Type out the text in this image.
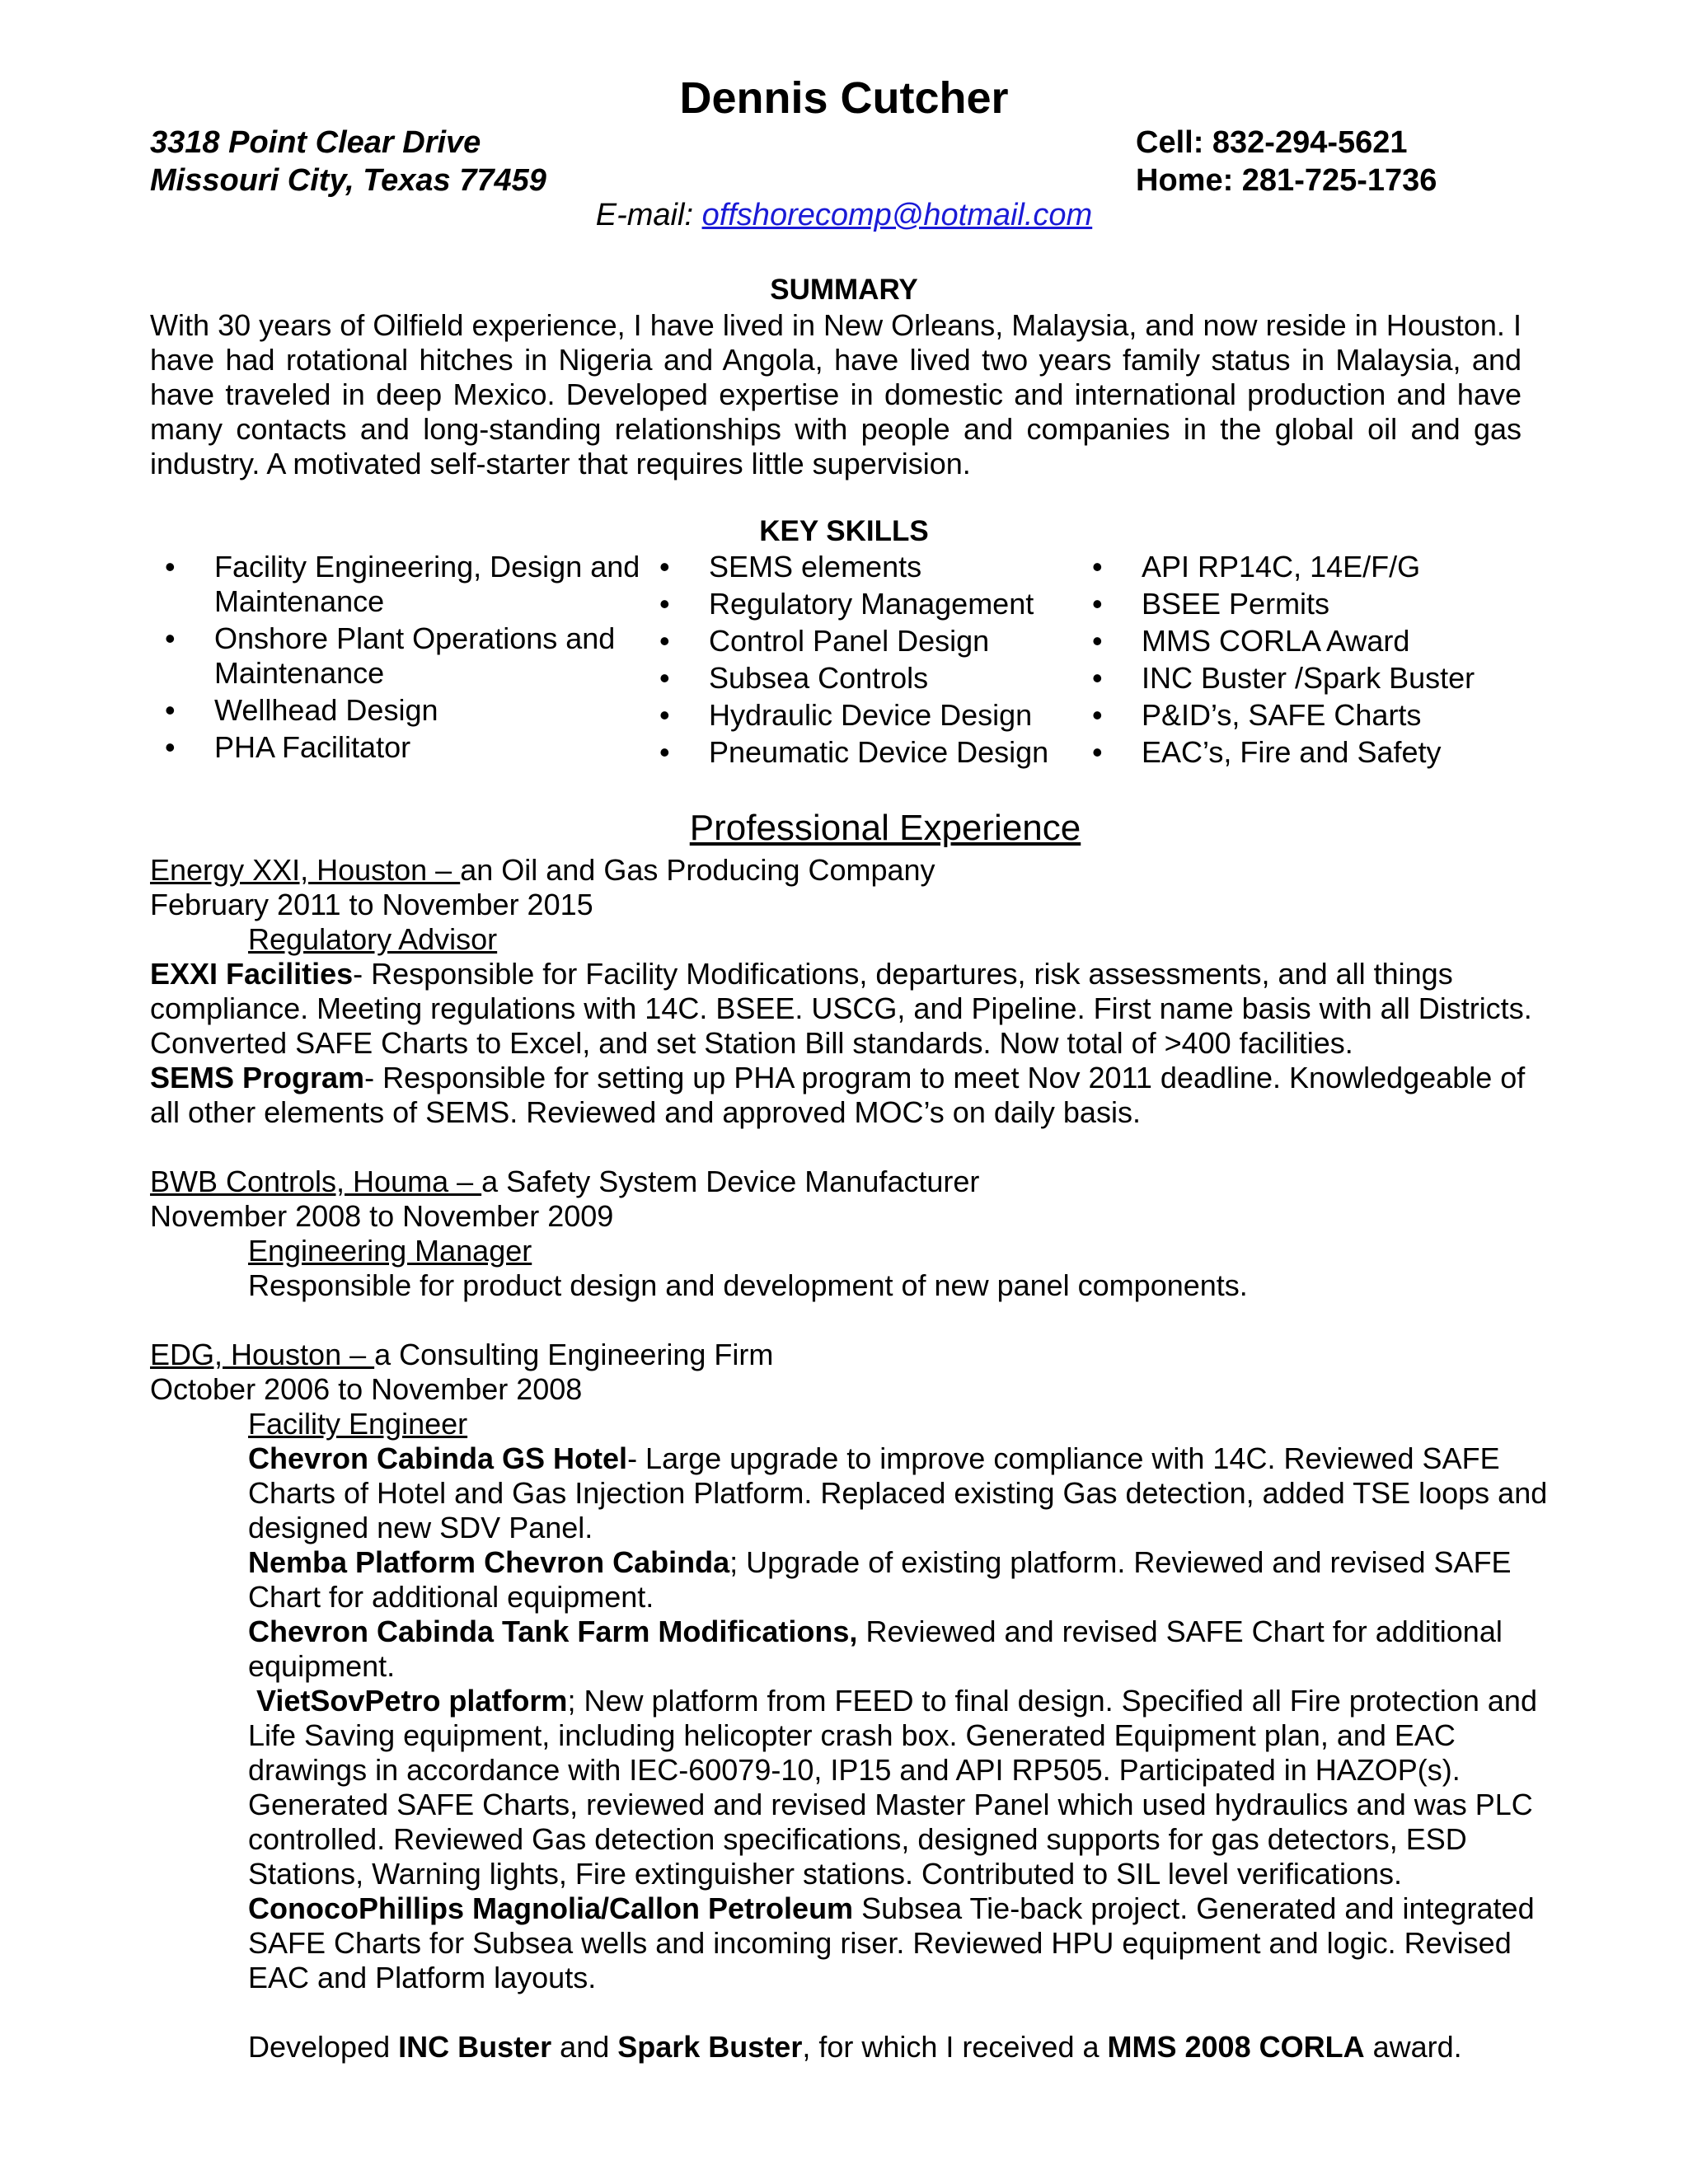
Dennis Cutcher
3318 Point Clear Drive
Missouri City, Texas 77459
Cell: 832-294-5621
Home: 281-725-1736
E-mail: offshorecomp@hotmail.com
SUMMARY
With 30 years of Oilfield experience, I have lived in New Orleans, Malaysia, and now reside in Houston. I have had rotational hitches in Nigeria and Angola, have lived two years family status in Malaysia, and have traveled in deep Mexico. Developed expertise in domestic and international production and have many contacts and long-standing relationships with people and companies in the global oil and gas industry. A motivated self-starter that requires little supervision.
KEY SKILLS
• Facility Engineering, Design and Maintenance
• Onshore Plant Operations and Maintenance
• Wellhead Design
• PHA Facilitator
• SEMS elements
• Regulatory Management
• Control Panel Design
• Subsea Controls
• Hydraulic Device Design
• Pneumatic Device Design
• API RP14C, 14E/F/G
• BSEE Permits
• MMS CORLA Award
• INC Buster /Spark Buster
• P&ID’s, SAFE Charts
• EAC’s, Fire and Safety
Professional Experience

Energy XXI, Houston – an Oil and Gas Producing Company

February 2011 to November 2015

Regulatory Advisor

EXXI Facilities- Responsible for Facility Modifications, departures, risk assessments, and all things compliance. Meeting regulations with 14C. BSEE. USCG, and Pipeline. First name basis with all Districts. Converted SAFE Charts to Excel, and set Station Bill standards. Now total of >400 facilities.

SEMS Program- Responsible for setting up PHA program to meet Nov 2011 deadline. Knowledgeable of all other elements of SEMS. Reviewed and approved MOC’s on daily basis.

BWB Controls, Houma – a Safety System Device Manufacturer

November 2008 to November 2009

Engineering Manager

Responsible for product design and development of new panel components.

EDG, Houston – a Consulting Engineering Firm

October 2006 to November 2008

Facility Engineer

Chevron Cabinda GS Hotel- Large upgrade to improve compliance with 14C. Reviewed SAFE Charts of Hotel and Gas Injection Platform. Replaced existing Gas detection, added TSE loops and designed new SDV Panel.

Nemba Platform Chevron Cabinda; Upgrade of existing platform. Reviewed and revised SAFE Chart for additional equipment.

Chevron Cabinda Tank Farm Modifications, Reviewed and revised SAFE Chart for additional equipment.

VietSovPetro platform; New platform from FEED to final design. Specified all Fire protection and Life Saving equipment, including helicopter crash box. Generated Equipment plan, and EAC drawings in accordance with IEC-60079-10, IP15 and API RP505. Participated in HAZOP(s). Generated SAFE Charts, reviewed and revised Master Panel which used hydraulics and was PLC controlled. Reviewed Gas detection specifications, designed supports for gas detectors, ESD Stations, Warning lights, Fire extinguisher stations. Contributed to SIL level verifications.

ConocoPhillips Magnolia/Callon Petroleum Subsea Tie-back project. Generated and integrated SAFE Charts for Subsea wells and incoming riser. Reviewed HPU equipment and logic. Revised EAC and Platform layouts.

Developed INC Buster and Spark Buster, for which I received a MMS 2008 CORLA award.
